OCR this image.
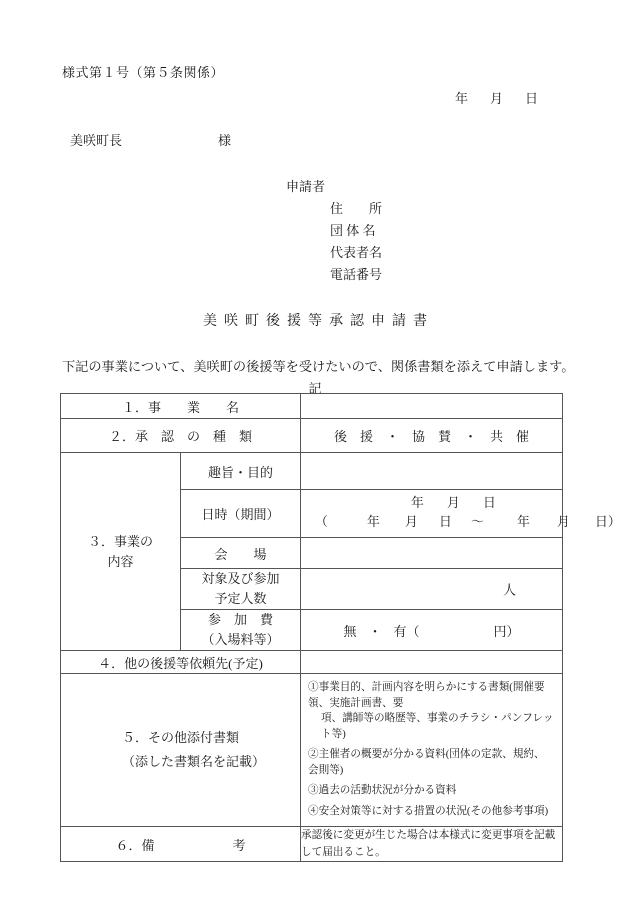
様式第１号（第５条関係）
年 月 日
美咲町長	様
申請者
住　　所
団 体 名
代表者名
電話番号
美 咲 町 後 援 等 承 認 申 請 書
下記の事業について、美咲町の後援等を受けたいので、関係書類を添えて申請します。
記
１．事　　業　　名		
２．承　認　の　種　類		後　援 ・ 協　賛 ・ 共　催

３．事業の
内容	趣旨・目的	
	日時（期間）	年 月 日
（ 年 月 日 ～ 年 月 日）

	会　　場	

	対象及び参加
予定人数	人

	参　加　費
（入場料等）	無 ・ 有（ 円）

４．他の後援等依頼先(予定)		

５．その他添付書類
（添した書類名を記載）

①事業目的、計画内容を明らかにする書類(開催要領、実施計画書、要
項、講師等の略歴等、事業のチラシ・パンフレット等)
②主催者の概要が分かる資料(団体の定款、規約、会則等)
③過去の活動状況が分かる資料
④安全対策等に対する措置の状況(その他参考事項)

６．備　　　　　　考		承認後に変更が生じた場合は本様式に変更事項を記載して届出ること。
